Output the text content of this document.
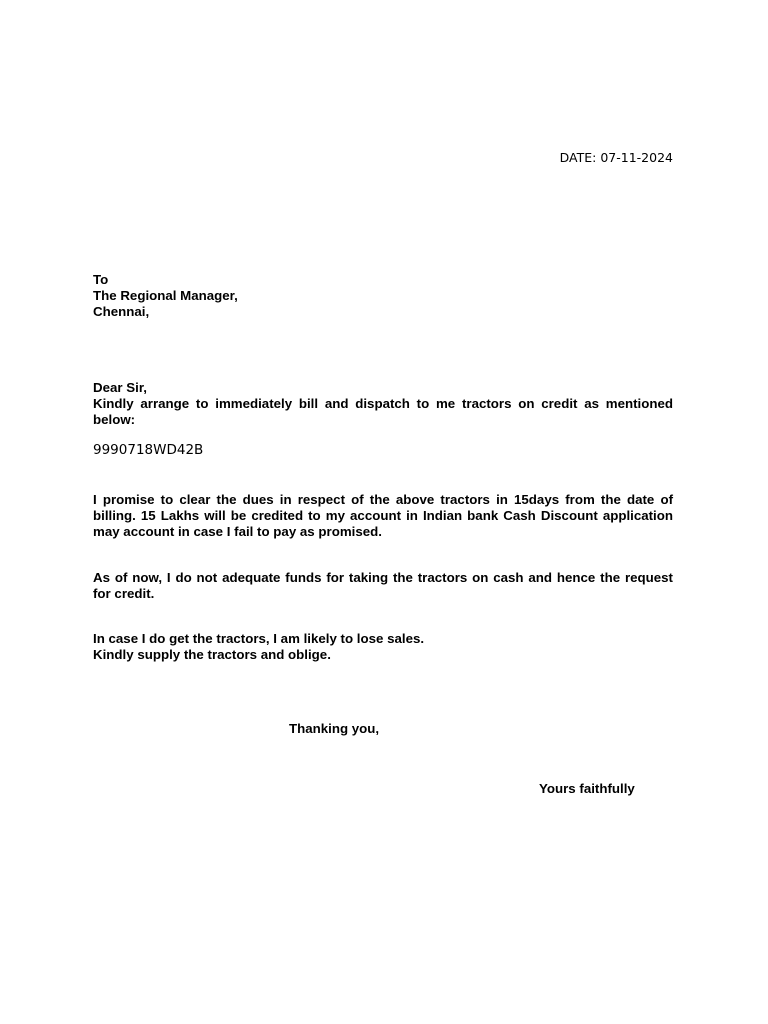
DATE: 07-11-2024
To
The Regional Manager,
Chennai,
Dear Sir,
Kindly arrange to immediately bill and dispatch to me tractors on credit as mentioned below:
9990718WD42B
I promise to clear the dues in respect of the above tractors in 15days from the date of billing. 15 Lakhs will be credited to my account in Indian bank Cash Discount application may account in case I fail to pay as promised.
As of now, I do not adequate funds for taking the tractors on cash and hence the request for credit.
In case I do get the tractors, I am likely to lose sales.
Kindly supply the tractors and oblige.
Thanking you,
Yours faithfully
